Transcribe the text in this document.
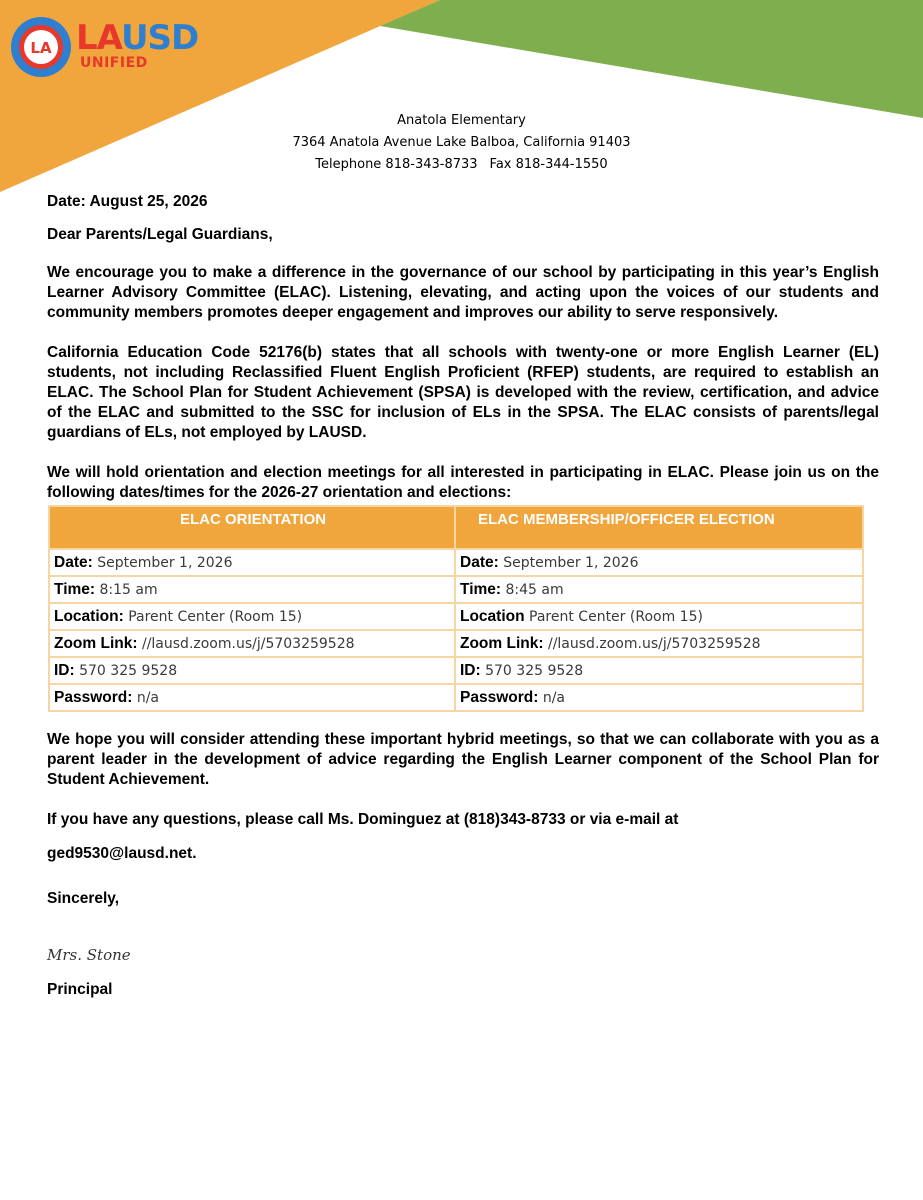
LA LAUSD
UNIFIED
Anatola Elementary
7364 Anatola Avenue Lake Balboa, California 91403
Telephone 818-343-8733 Fax 818-344-1550

Date: August 25, 2026

Dear Parents/Legal Guardians,

We encourage you to make a difference in the governance of our school by participating in this year’s English Learner Advisory Committee (ELAC). Listening, elevating, and acting upon the voices of our students and community members promotes deeper engagement and improves our ability to serve responsively.

California Education Code 52176(b) states that all schools with twenty-one or more English Learner (EL) students, not including Reclassified Fluent English Proficient (RFEP) students, are required to establish an ELAC. The School Plan for Student Achievement (SPSA) is developed with the review, certification, and advice of the ELAC and submitted to the SSC for inclusion of ELs in the SPSA. The ELAC consists of parents/legal guardians of ELs, not employed by LAUSD.

We will hold orientation and election meetings for all interested in participating in ELAC. Please join us on the following dates/times for the 2026-27 orientation and elections:

ELAC ORIENTATION	ELAC MEMBERSHIP/OFFICER ELECTION
Date: September 1, 2026	Date: September 1, 2026
Time: 8:15 am	Time: 8:45 am
Location: Parent Center (Room 15)	Location Parent Center (Room 15)
Zoom Link: //lausd.zoom.us/j/5703259528	Zoom Link: //lausd.zoom.us/j/5703259528
ID: 570 325 9528	ID: 570 325 9528
Password: n/a	Password: n/a

We hope you will consider attending these important hybrid meetings, so that we can collaborate with you as a parent leader in the development of advice regarding the English Learner component of the School Plan for Student Achievement.

If you have any questions, please call Ms. Dominguez at (818)343-8733 or via e-mail at

ged9530@lausd.net.

Sincerely,

Mrs. Stone

Principal
